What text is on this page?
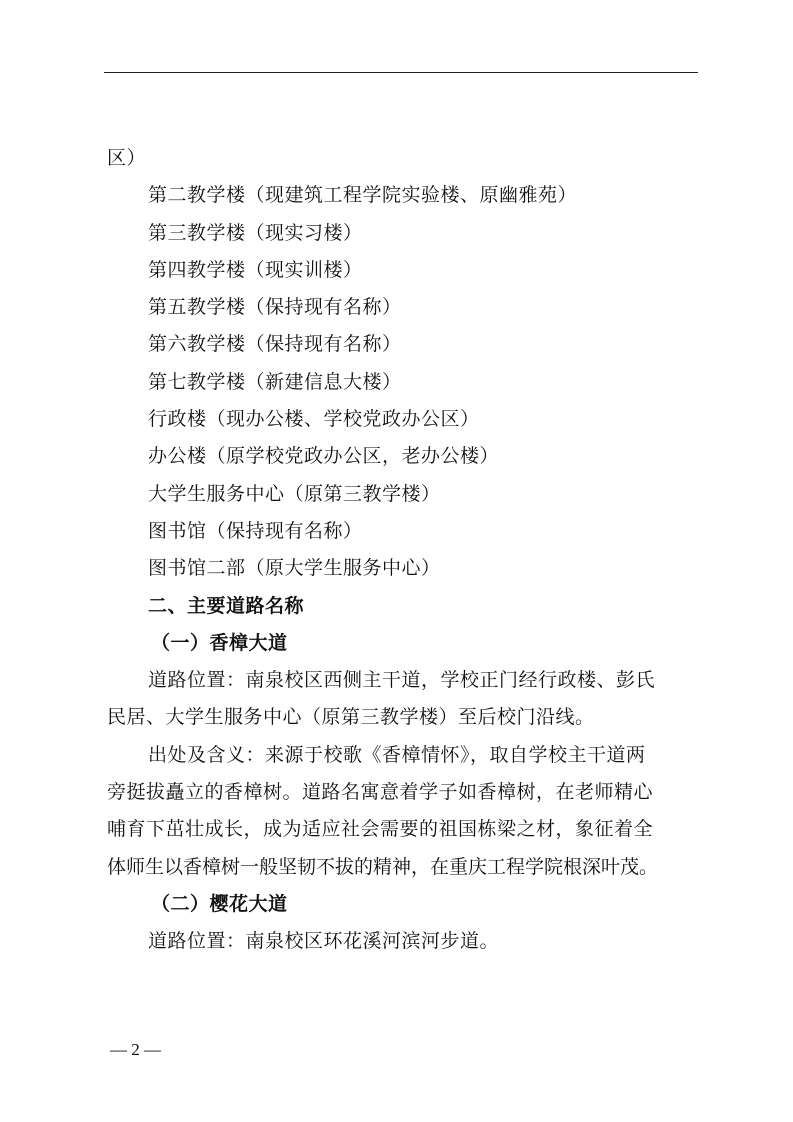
区）
第二教学楼（现建筑工程学院实验楼、原幽雅苑）
第三教学楼（现实习楼）
第四教学楼（现实训楼）
第五教学楼（保持现有名称）
第六教学楼（保持现有名称）
第七教学楼（新建信息大楼）
行政楼（现办公楼、学校党政办公区）
办公楼（原学校党政办公区，老办公楼）
大学生服务中心（原第三教学楼）
图书馆（保持现有名称）
图书馆二部（原大学生服务中心）
二、主要道路名称
（一）香樟大道
道路位置：南泉校区西侧主干道，学校正门经行政楼、彭氏
民居、大学生服务中心（原第三教学楼）至后校门沿线。
出处及含义：来源于校歌《香樟情怀》，取自学校主干道两
旁挺拔矗立的香樟树。道路名寓意着学子如香樟树，在老师精心
哺育下茁壮成长，成为适应社会需要的祖国栋梁之材，象征着全
体师生以香樟树一般坚韧不拔的精神，在重庆工程学院根深叶茂。
（二）樱花大道
道路位置：南泉校区环花溪河滨河步道。
— 2 —
